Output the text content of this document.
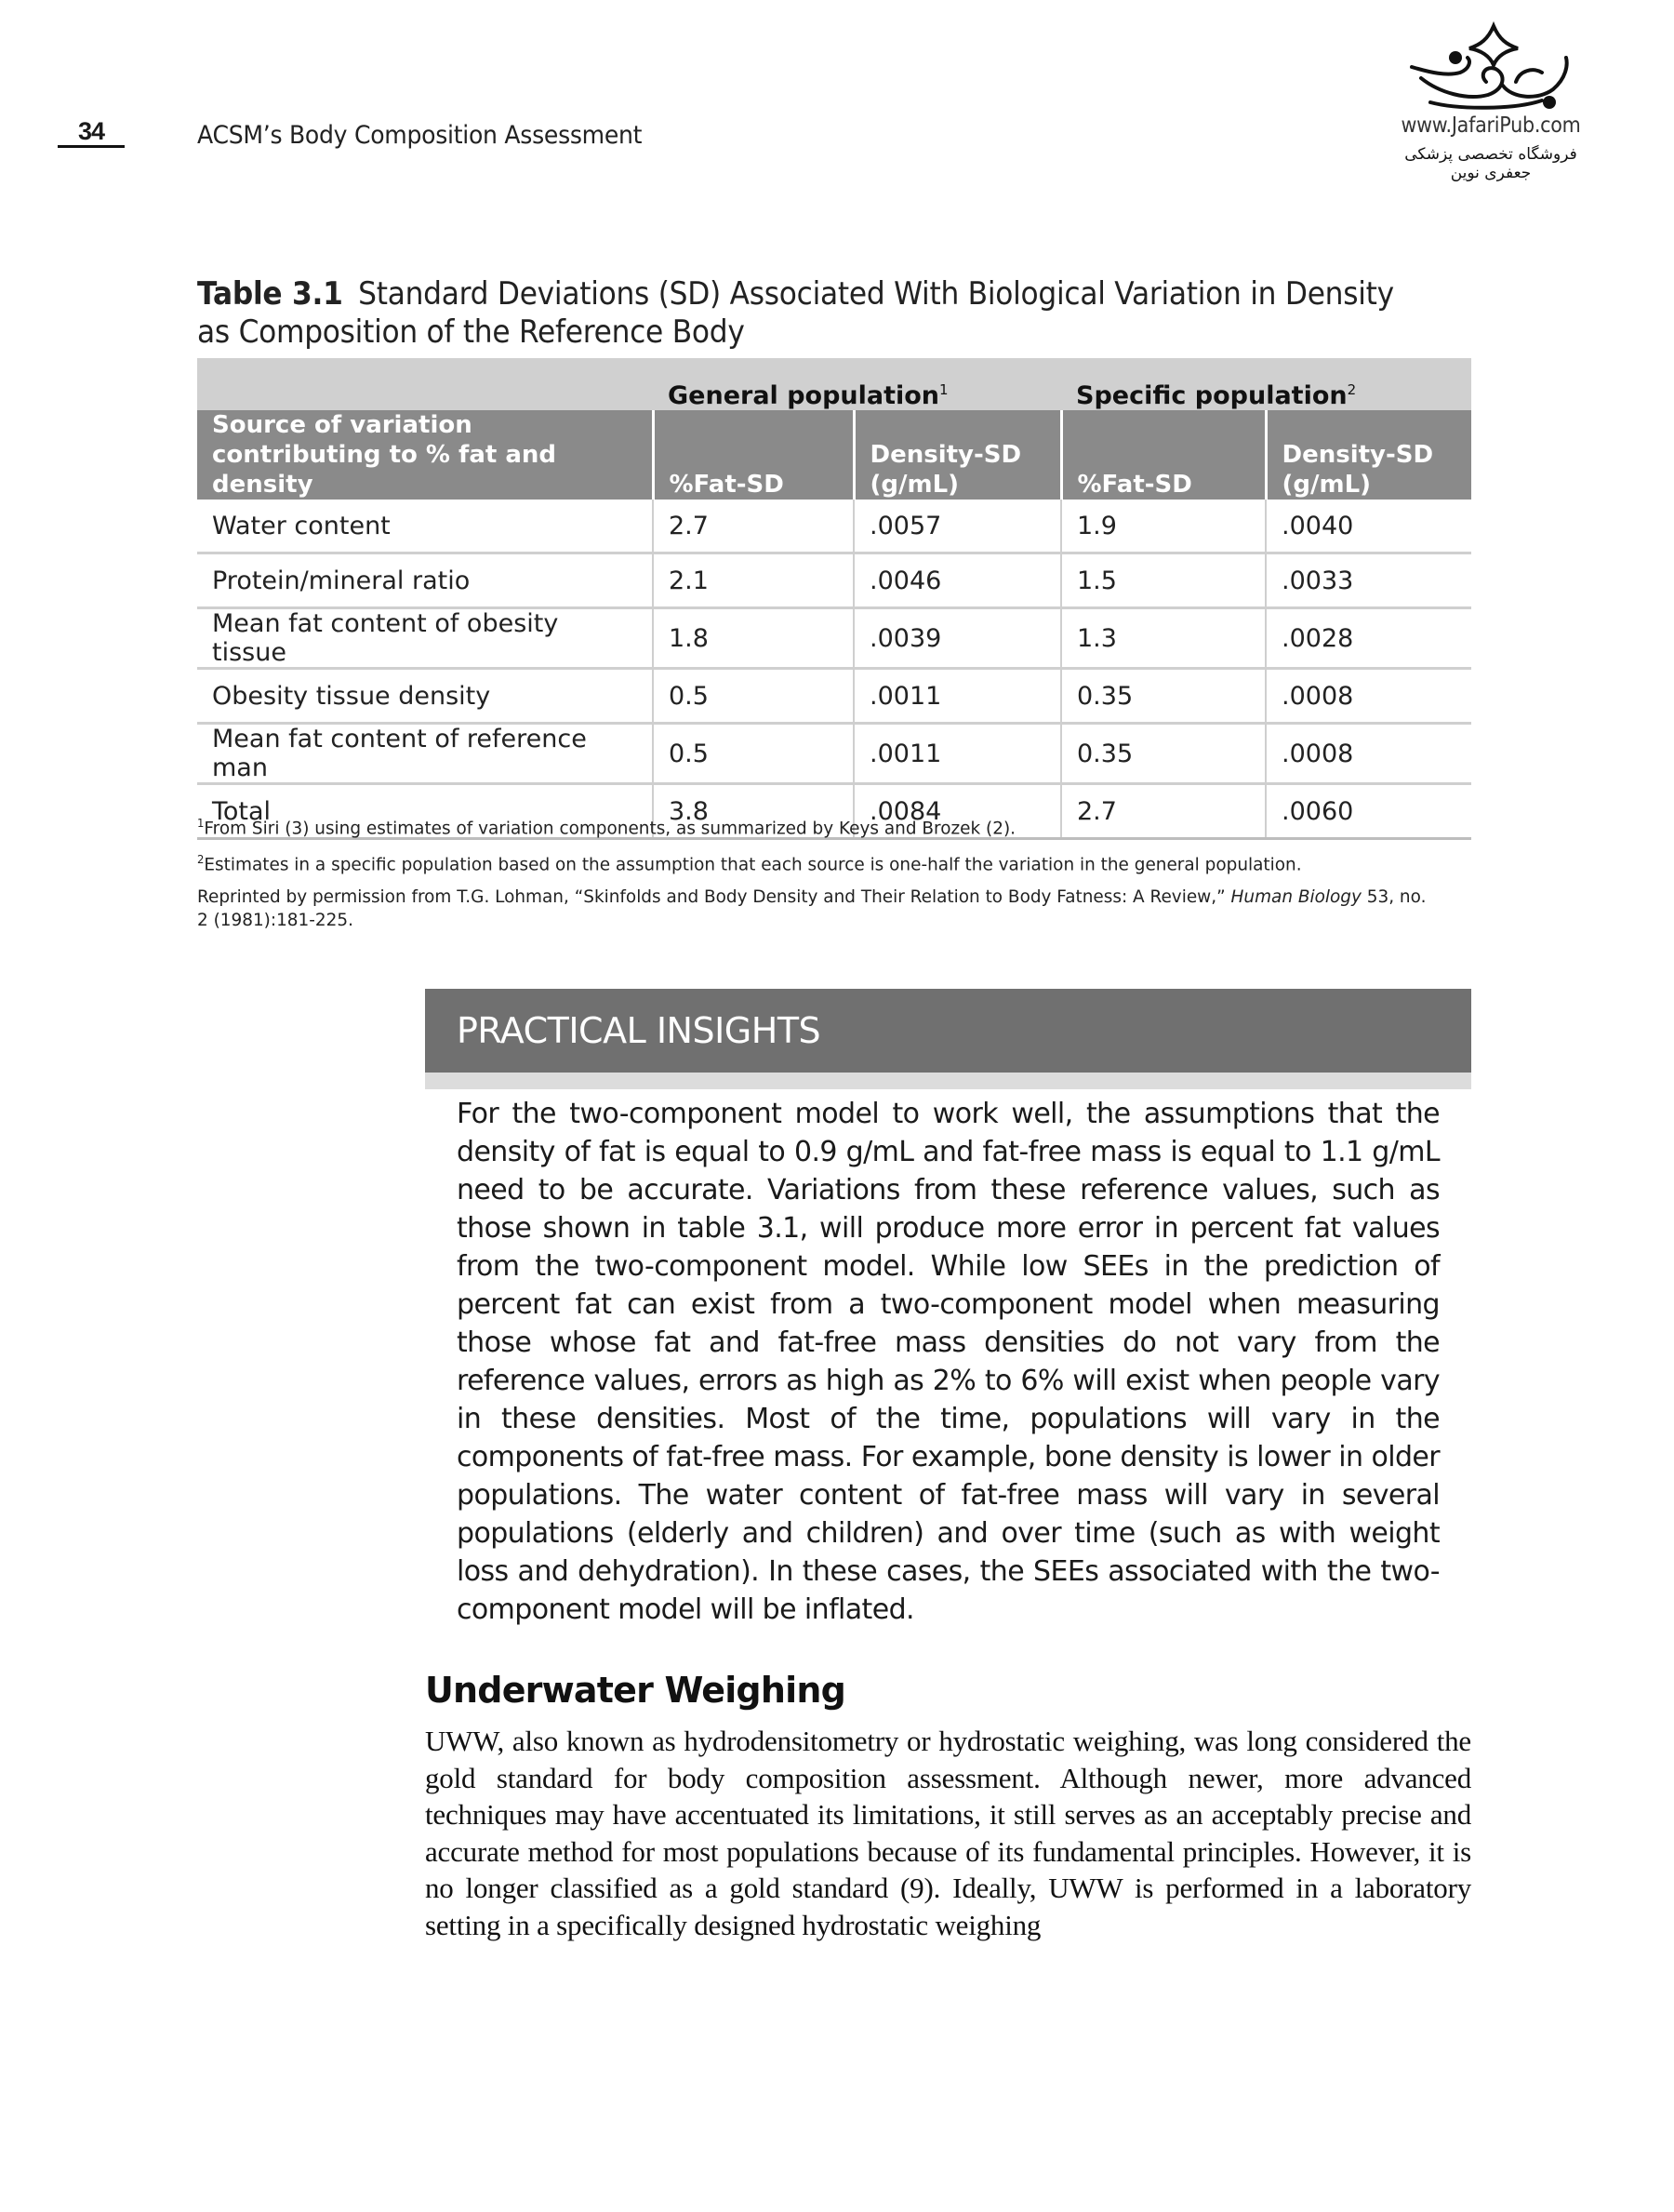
34	ACSM’s Body Composition Assessment	www.JafariPub.com
فروشگاه تخصصی پزشکی جعفری نوین
Table 3.1 Standard Deviations (SD) Associated With Biological Variation in Density as Composition of the Reference Body
	General population$^1$		Specific population$^2$
Source of variation contributing to % fat and density	%Fat-SD	Density-SD (g/mL)	%Fat-SD	Density-SD (g/mL)
Water content	2.7	.0057	1.9	.0040
Protein/mineral ratio	2.1	.0046	1.5	.0033
Mean fat content of obesity tissue	1.8	.0039	1.3	.0028
Obesity tissue density	0.5	.0011	0.35	.0008
Mean fat content of reference man	0.5	.0011	0.35	.0008
Total	3.8	.0084	2.7	.0060

$^1$From Siri (3) using estimates of variation components, as summarized by Keys and Brozek (2).

$^2$Estimates in a specific population based on the assumption that each source is one-half the variation in the general population.

Reprinted by permission from T.G. Lohman, “Skinfolds and Body Density and Their Relation to Body Fatness: A Review,” Human Biology 53, no. 2 (1981):181-225.

PRACTICAL INSIGHTS
For the two-component model to work well, the assumptions that the density of fat is equal to 0.9 g/mL and fat-free mass is equal to 1.1 g/mL need to be accurate. Variations from these reference values, such as those shown in table 3.1, will produce more error in percent fat values from the two-component model. While low SEEs in the prediction of percent fat can exist from a two-component model when measuring those whose fat and fat-free mass densities do not vary from the reference values, errors as high as 2% to 6% will exist when people vary in these densities. Most of the time, populations will vary in the components of fat-free mass. For example, bone density is lower in older populations. The water content of fat-free mass will vary in several populations (elderly and children) and over time (such as with weight loss and dehydration). In these cases, the SEEs associated with the two-component model will be inflated.
Underwater Weighing
UWW, also known as hydrodensitometry or hydrostatic weighing, was long considered the gold standard for body composition assessment. Although newer, more advanced techniques may have accentuated its limitations, it still serves as an acceptably precise and accurate method for most populations because of its fundamental principles. However, it is no longer classified as a gold standard (9). Ideally, UWW is performed in a laboratory setting in a specifically designed hydrostatic weighing
